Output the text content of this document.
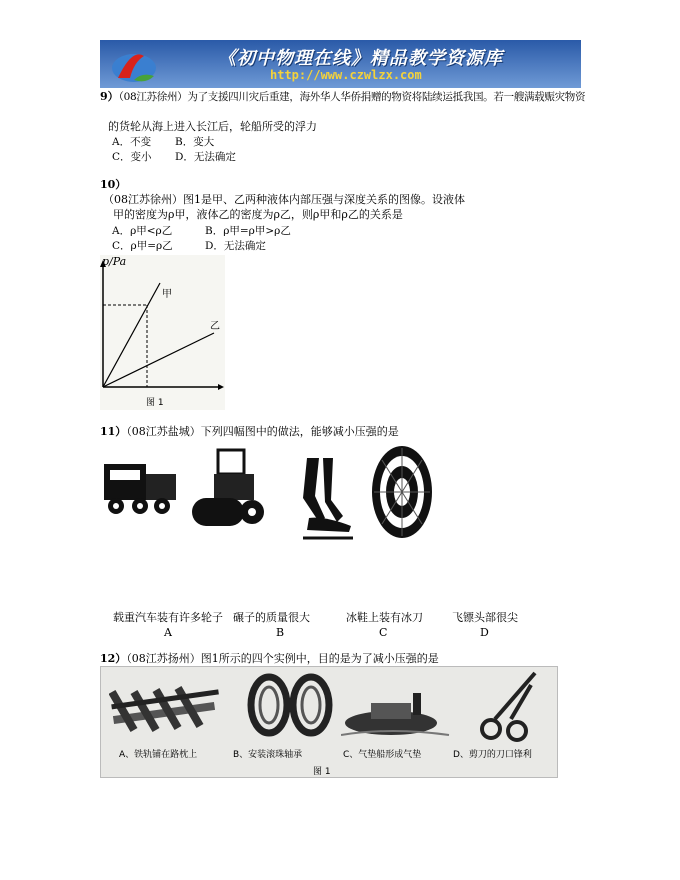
《初中物理在线》精品教学资源库
http://www.czwlzx.com
9）（08江苏徐州）为了支援四川灾后重建，海外华人华侨捐赠的物资将陆续运抵我国。若一艘满载赈灾物资
的货轮从海上进入长江后，轮船所受的浮力
A．不变 B．变大
C．变小 D．无法确定
10）
（08江苏徐州）图1是甲、乙两种液体内部压强与深度关系的图像。设液体
甲的密度为ρ甲，液体乙的密度为ρ乙，则ρ甲和ρ乙的关系是
A．ρ甲<ρ乙	B．ρ甲=ρ甲>ρ乙
C．ρ甲=ρ乙	D．无法确定
p/Pa
甲
乙
图 1
11）（08江苏盐城）下列四幅图中的做法，能够减小压强的是
载重汽车装有许多轮子 碾子的质量很大	冰鞋上装有冰刀	飞镖头部很尖
A	B	C	D
12）（08江苏扬州）图1所示的四个实例中，目的是为了减小压强的是
A、铁轨铺在路枕上	B、安装滚珠轴承	C、气垫船形成气垫	D、剪刀的刀口锋利
图 1
